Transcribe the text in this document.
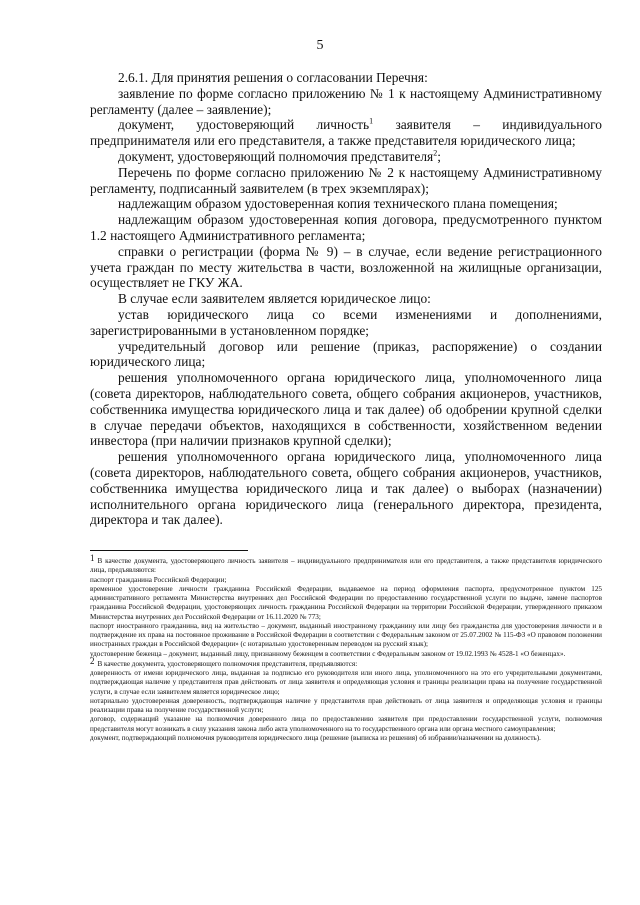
5

2.6.1. Для принятия решения о согласовании Перечня:

заявление по форме согласно приложению № 1 к настоящему Административному регламенту (далее – заявление);

документ, удостоверяющий личность$^1$ заявителя – индивидуального предпринимателя или его представителя, а также представителя юридического лица;

документ, удостоверяющий полномочия представителя$^2$;

Перечень по форме согласно приложению № 2 к настоящему Административному регламенту, подписанный заявителем (в трех экземплярах);

надлежащим образом удостоверенная копия технического плана помещения;

надлежащим образом удостоверенная копия договора, предусмотренного пунктом 1.2 настоящего Административного регламента;

справки о регистрации (форма № 9) – в случае, если ведение регистрационного учета граждан по месту жительства в части, возложенной на жилищные организации, осуществляет не ГКУ ЖА.

В случае если заявителем является юридическое лицо:

устав юридического лица со всеми изменениями и дополнениями, зарегистрированными в установленном порядке;

учредительный договор или решение (приказ, распоряжение) о создании юридического лица;

решения уполномоченного органа юридического лица, уполномоченного лица (совета директоров, наблюдательного совета, общего собрания акционеров, участников, собственника имущества юридического лица и так далее) об одобрении крупной сделки в случае передачи объектов, находящихся в собственности, хозяйственном ведении инвестора (при наличии признаков крупной сделки);

решения уполномоченного органа юридического лица, уполномоченного лица (совета директоров, наблюдательного совета, общего собрания акционеров, участников, собственника имущества юридического лица и так далее) о выборах (назначении) исполнительного органа юридического лица (генерального директора, президента, директора и так далее).

1 В качестве документа, удостоверяющего личность заявителя – индивидуального предпринимателя или его представителя, а также представителя юридического лица, предъявляются:

паспорт гражданина Российской Федерации;

временное удостоверение личности гражданина Российской Федерации, выдаваемое на период оформления паспорта, предусмотренное пунктом 125 административного регламента Министерства внутренних дел Российской Федерации по предоставлению государственной услуги по выдаче, замене паспортов гражданина Российской Федерации, удостоверяющих личность гражданина Российской Федерации на территории Российской Федерации, утвержденного приказом Министерства внутренних дел Российской Федерации от 16.11.2020 № 773;

паспорт иностранного гражданина, вид на жительство – документ, выданный иностранному гражданину или лицу без гражданства для удостоверения личности и в подтверждение их права на постоянное проживание в Российской Федерации в соответствии с Федеральным законом от 25.07.2002 № 115-ФЗ «О правовом положении иностранных граждан в Российской Федерации» (с нотариально удостоверенным переводом на русский язык);

удостоверение беженца – документ, выданный лицу, признанному беженцем в соответствии с Федеральным законом от 19.02.1993 № 4528-1 «О беженцах».

2 В качестве документа, удостоверяющего полномочия представителя, предъявляются:

доверенность от имени юридического лица, выданная за подписью его руководителя или иного лица, уполномоченного на это его учредительными документами, подтверждающая наличие у представителя прав действовать от лица заявителя и определяющая условия и границы реализации права на получение государственной услуги, в случае если заявителем является юридическое лицо;

нотариально удостоверенная доверенность, подтверждающая наличие у представителя прав действовать от лица заявителя и определяющая условия и границы реализации права на получение государственной услуги;

договор, содержащий указание на полномочия доверенного лица по предоставлению заявителя при предоставлении государственной услуги, полномочия представителя могут возникать в силу указания закона либо акта уполномоченного на то государственного органа или органа местного самоуправления;

документ, подтверждающий полномочия руководителя юридического лица (решение (выписка из решения) об избрании/назначении на должность).
